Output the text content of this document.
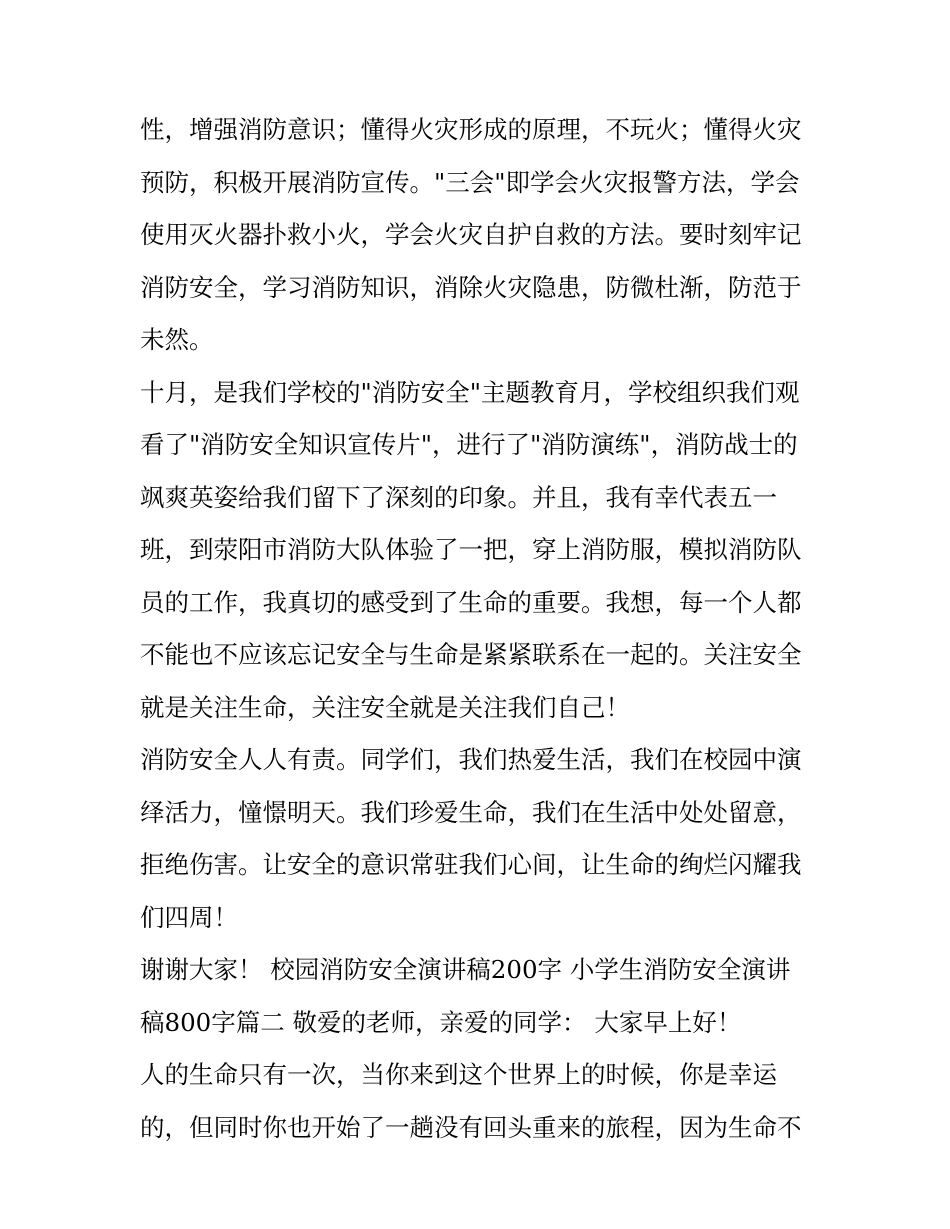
性，增强消防意识；懂得火灾形成的原理，不玩火；懂得火灾
预防，积极开展消防宣传。"三会"即学会火灾报警方法，学会
使用灭火器扑救小火，学会火灾自护自救的方法。要时刻牢记
消防安全，学习消防知识，消除火灾隐患，防微杜渐，防范于
未然。
十月，是我们学校的"消防安全"主题教育月，学校组织我们观
看了"消防安全知识宣传片"，进行了"消防演练"，消防战士的
飒爽英姿给我们留下了深刻的印象。并且，我有幸代表五一
班，到荥阳市消防大队体验了一把，穿上消防服，模拟消防队
员的工作，我真切的感受到了生命的重要。我想，每一个人都
不能也不应该忘记安全与生命是紧紧联系在一起的。关注安全
就是关注生命，关注安全就是关注我们自己！
消防安全人人有责。同学们，我们热爱生活，我们在校园中演
绎活力，憧憬明天。我们珍爱生命，我们在生活中处处留意，
拒绝伤害。让安全的意识常驻我们心间，让生命的绚烂闪耀我
们四周！
谢谢大家！ 校园消防安全演讲稿200字 小学生消防安全演讲
稿800字篇二 敬爱的老师，亲爱的同学： 大家早上好！
人的生命只有一次，当你来到这个世界上的时候，你是幸运
的，但同时你也开始了一趟没有回头重来的旅程，因为生命不
